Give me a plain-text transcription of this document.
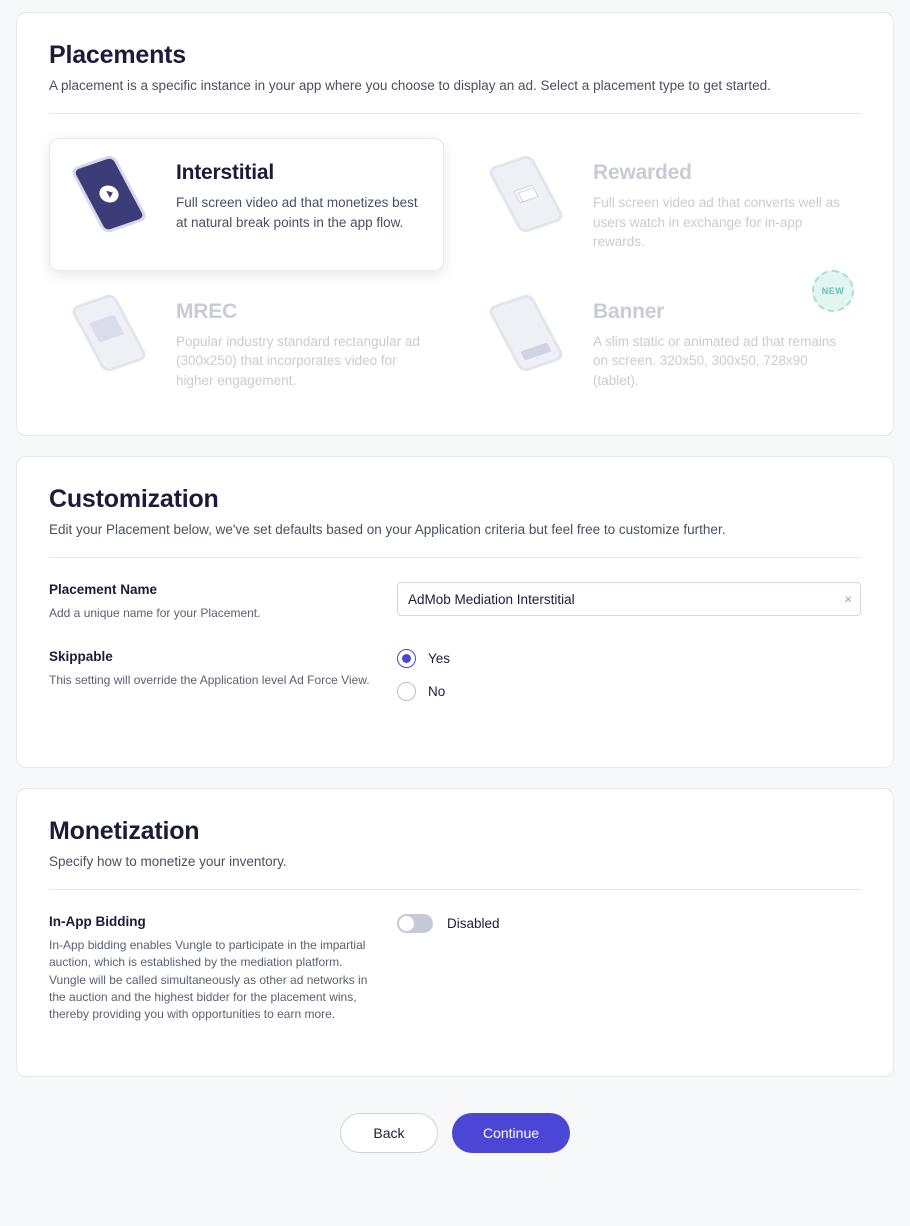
Placements

A placement is a specific instance in your app where you choose to display an ad. Select a placement type to get started.

Interstitial

Full screen video ad that monetizes best at natural break points in the app flow.

Rewarded

Full screen video ad that converts well as users watch in exchange for in-app rewards.

MREC

Popular industry standard rectangular ad (300x250) that incorporates video for higher engagement.

Banner

A slim static or animated ad that remains on screen. 320x50, 300x50, 728x90 (tablet).

NEW
Customization

Edit your Placement below, we've set defaults based on your Application criteria but feel free to customize further.

Placement Name

Add a unique name for your Placement.

AdMob Mediation Interstitial
×
Skippable

This setting will override the Application level Ad Force View.

Yes
No
Monetization

Specify how to monetize your inventory.

In-App Bidding

In-App bidding enables Vungle to participate in the impartial auction, which is established by the mediation platform. Vungle will be called simultaneously as other ad networks in the auction and the highest bidder for the placement wins, thereby providing you with opportunities to earn more.

Disabled
Back	Continue
